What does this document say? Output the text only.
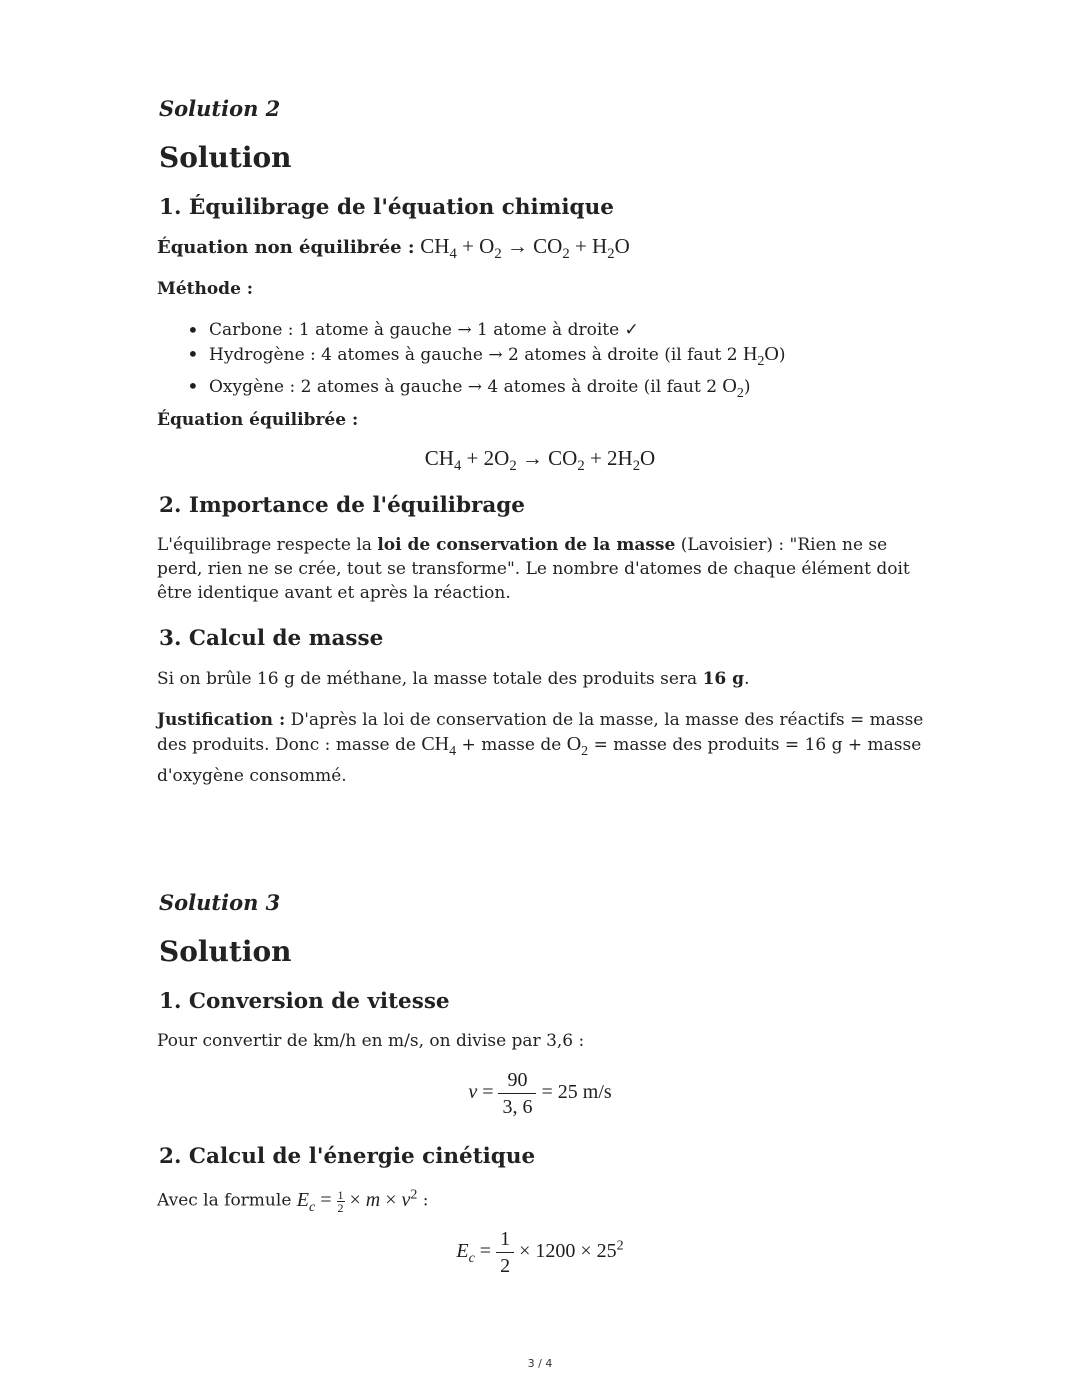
Solution 2
Solution
1. Équilibrage de l'équation chimique
Équation non équilibrée : $CH_4 + O_2 \to CO_2 + H_2O$
Méthode :
• Carbone : 1 atome à gauche → 1 atome à droite ✓
• Hydrogène : 4 atomes à gauche → 2 atomes à droite (il faut 2 $H_2O$)
• Oxygène : 2 atomes à gauche → 4 atomes à droite (il faut 2 $O_2$)
Équation équilibrée :
$CH_4 + 2O_2 \to CO_2 + 2H_2O$
2. Importance de l'équilibrage
L'équilibrage respecte la loi de conservation de la masse (Lavoisier) : "Rien ne se perd, rien ne se crée, tout se transforme". Le nombre d'atomes de chaque élément doit être identique avant et après la réaction.
3. Calcul de masse
Si on brûle 16 g de méthane, la masse totale des produits sera 16 g.
Justification : D'après la loi de conservation de la masse, la masse des réactifs = masse des produits. Donc : masse de $CH_4$ + masse de $O_2$ = masse des produits = 16 g + masse d'oxygène consommé.
Solution 3
Solution
1. Conversion de vitesse
Pour convertir de km/h en m/s, on divise par 3,6 :
$v = \frac{90}{3, 6} = 25$ m/s
2. Calcul de l'énergie cinétique
Avec la formule $E_c = \frac{1}{2} \times m \times v^2$ :
$E_c = \frac{1}{2} \times 1200 \times 25^2$
3 / 4
